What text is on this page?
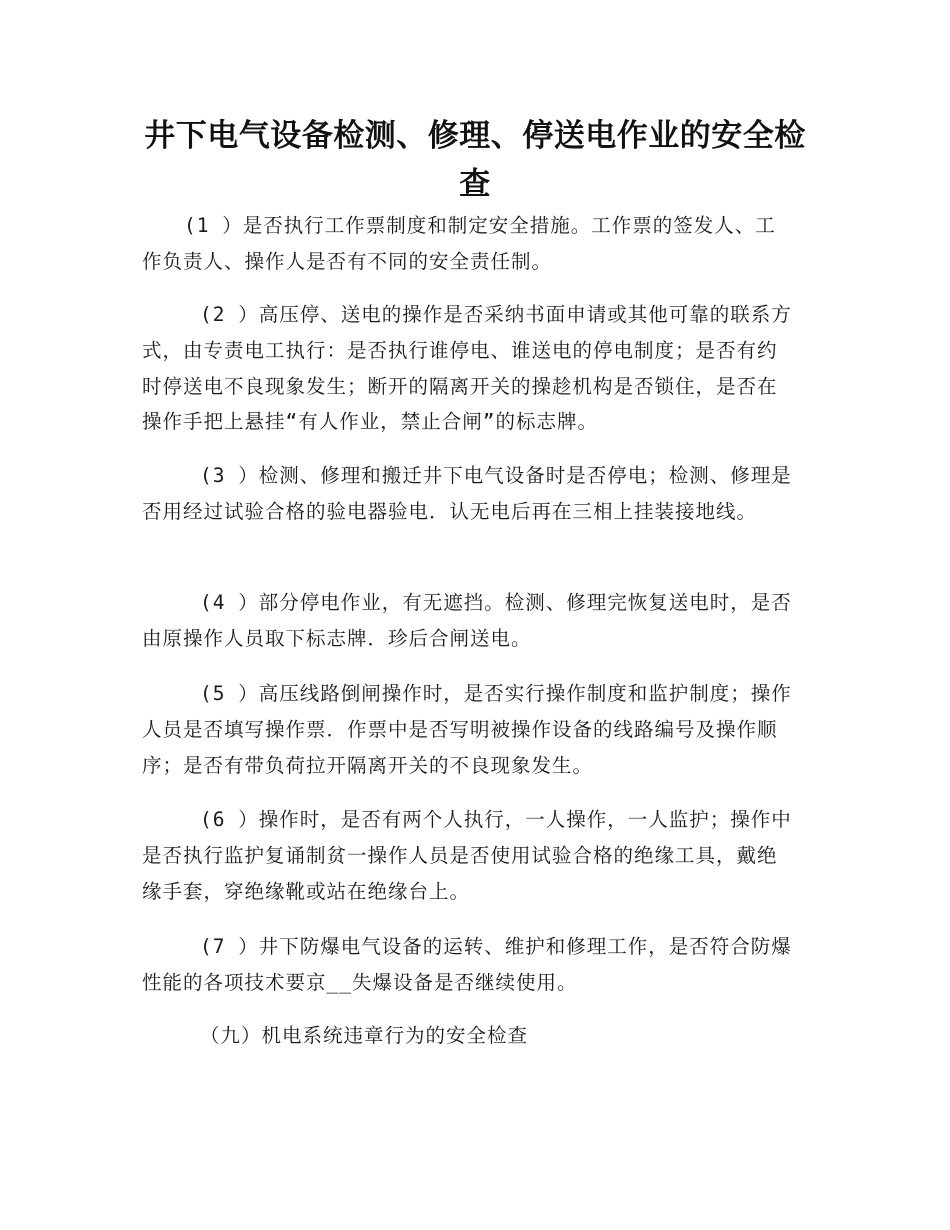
井下电气设备检测、修理、停送电作业的安全检查

(1 ）是否执行工作票制度和制定安全措施。工作票的签发人、工作负责人、操作人是否有不同的安全责任制。

(2 ）高压停、送电的操作是否采纳书面申请或其他可靠的联系方式，由专责电工执行：是否执行谁停电、谁送电的停电制度；是否有约时停送电不良现象发生；断开的隔离开关的操趁机构是否锁住，是否在操作手把上悬挂“有人作业，禁止合闸”的标志牌。

(3 ）检测、修理和搬迁井下电气设备时是否停电；检测、修理是否用经过试验合格的验电器验电．认无电后再在三相上挂装接地线。

(4 ）部分停电作业，有无遮挡。检测、修理完恢复送电时，是否由原操作人员取下标志牌．珍后合闸送电。

(5 ）高压线路倒闸操作时，是否实行操作制度和监护制度；操作人员是否填写操作票．作票中是否写明被操作设备的线路编号及操作顺序；是否有带负荷拉开隔离开关的不良现象发生。

(6 ）操作时，是否有两个人执行，一人操作，一人监护；操作中是否执行监护复诵制贫一操作人员是否使用试验合格的绝缘工具，戴绝缘手套，穿绝缘靴或站在绝缘台上。

(7 ）井下防爆电气设备的运转、维护和修理工作，是否符合防爆性能的各项技术要京__失爆设备是否继续使用。

（九）机电系统违章行为的安全检查
